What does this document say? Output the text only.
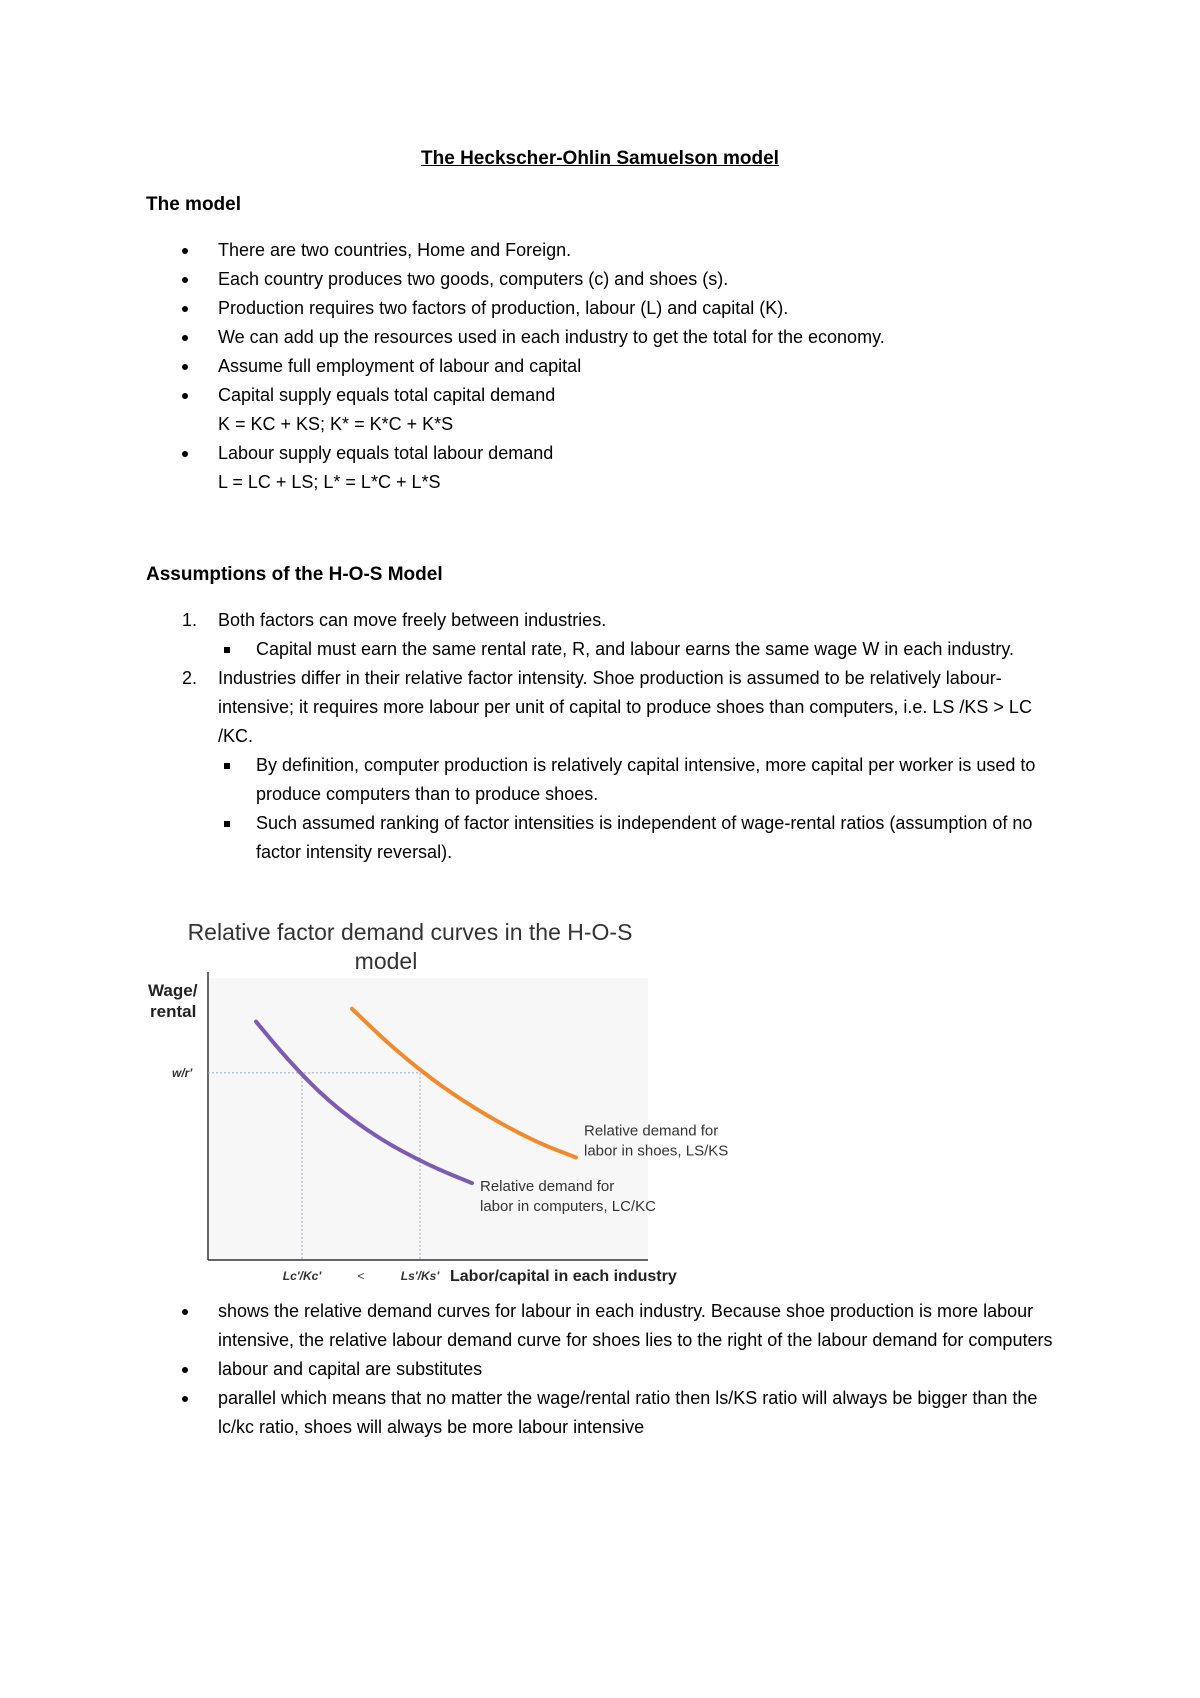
The Heckscher-Ohlin Samuelson model
The model
There are two countries, Home and Foreign.
Each country produces two goods, computers (c) and shoes (s).
Production requires two factors of production, labour (L) and capital (K).
We can add up the resources used in each industry to get the total for the economy.
Assume full employment of labour and capital
Capital supply equals total capital demand
K = KC + KS; K* = K*C + K*S
Labour supply equals total labour demand
L = LC + LS; L* = L*C + L*S
Assumptions of the H-O-S Model
1. Both factors can move freely between industries.
Capital must earn the same rental rate, R, and labour earns the same wage W in each industry.
2. Industries differ in their relative factor intensity. Shoe production is assumed to be relatively labour-intensive; it requires more labour per unit of capital to produce shoes than computers, i.e. LS /KS > LC /KC.
By definition, computer production is relatively capital intensive, more capital per worker is used to produce computers than to produce shoes.
Such assumed ranking of factor intensities is independent of wage-rental ratios (assumption of no factor intensity reversal).
Relative factor demand curves in the H-O-S
model
Wage/
rental
Relative demand for
labor in computers, LC/KC
Relative demand for
labor in shoes, LS/KS
w/r'
Lc'/Kc'	<	Ls'/Ks' Labor/capital in each industry
shows the relative demand curves for labour in each industry. Because shoe production is more labour intensive, the relative labour demand curve for shoes lies to the right of the labour demand for computers
labour and capital are substitutes
parallel which means that no matter the wage/rental ratio then ls/KS ratio will always be bigger than the lc/kc ratio, shoes will always be more labour intensive
